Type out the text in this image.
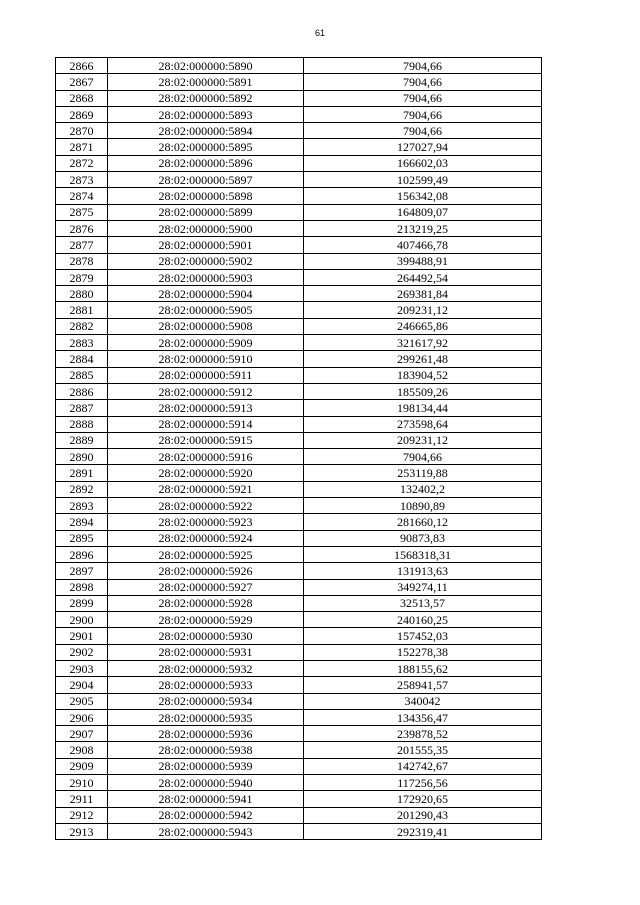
61
2866	28:02:000000:5890	7904,66
2867	28:02:000000:5891	7904,66
2868	28:02:000000:5892	7904,66
2869	28:02:000000:5893	7904,66
2870	28:02:000000:5894	7904,66
2871	28:02:000000:5895	127027,94
2872	28:02:000000:5896	166602,03
2873	28:02:000000:5897	102599,49
2874	28:02:000000:5898	156342,08
2875	28:02:000000:5899	164809,07
2876	28:02:000000:5900	213219,25
2877	28:02:000000:5901	407466,78
2878	28:02:000000:5902	399488,91
2879	28:02:000000:5903	264492,54
2880	28:02:000000:5904	269381,84
2881	28:02:000000:5905	209231,12
2882	28:02:000000:5908	246665,86
2883	28:02:000000:5909	321617,92
2884	28:02:000000:5910	299261,48
2885	28:02:000000:5911	183904,52
2886	28:02:000000:5912	185509,26
2887	28:02:000000:5913	198134,44
2888	28:02:000000:5914	273598,64
2889	28:02:000000:5915	209231,12
2890	28:02:000000:5916	7904,66
2891	28:02:000000:5920	253119,88
2892	28:02:000000:5921	132402,2
2893	28:02:000000:5922	10890,89
2894	28:02:000000:5923	281660,12
2895	28:02:000000:5924	90873,83
2896	28:02:000000:5925	1568318,31
2897	28:02:000000:5926	131913,63
2898	28:02:000000:5927	349274,11
2899	28:02:000000:5928	32513,57
2900	28:02:000000:5929	240160,25
2901	28:02:000000:5930	157452,03
2902	28:02:000000:5931	152278,38
2903	28:02:000000:5932	188155,62
2904	28:02:000000:5933	258941,57
2905	28:02:000000:5934	340042
2906	28:02:000000:5935	134356,47
2907	28:02:000000:5936	239878,52
2908	28:02:000000:5938	201555,35
2909	28:02:000000:5939	142742,67
2910	28:02:000000:5940	117256,56
2911	28:02:000000:5941	172920,65
2912	28:02:000000:5942	201290,43
2913	28:02:000000:5943	292319,41
